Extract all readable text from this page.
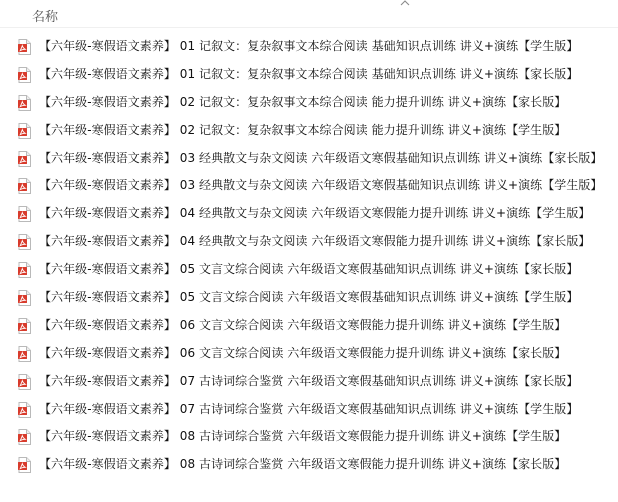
名称
【六年级-寒假语文素养】 01 记叙文：复杂叙事文本综合阅读 基础知识点训练 讲义+演练【学生版】
【六年级-寒假语文素养】 01 记叙文：复杂叙事文本综合阅读 基础知识点训练 讲义+演练【家长版】
【六年级-寒假语文素养】 02 记叙文：复杂叙事文本综合阅读 能力提升训练 讲义+演练【家长版】
【六年级-寒假语文素养】 02 记叙文：复杂叙事文本综合阅读 能力提升训练 讲义+演练【学生版】
【六年级-寒假语文素养】 03 经典散文与杂文阅读 六年级语文寒假基础知识点训练 讲义+演练【家长版】
【六年级-寒假语文素养】 03 经典散文与杂文阅读 六年级语文寒假基础知识点训练 讲义+演练【学生版】
【六年级-寒假语文素养】 04 经典散文与杂文阅读 六年级语文寒假能力提升训练 讲义+演练【学生版】
【六年级-寒假语文素养】 04 经典散文与杂文阅读 六年级语文寒假能力提升训练 讲义+演练【家长版】
【六年级-寒假语文素养】 05 文言文综合阅读 六年级语文寒假基础知识点训练 讲义+演练【家长版】
【六年级-寒假语文素养】 05 文言文综合阅读 六年级语文寒假基础知识点训练 讲义+演练【学生版】
【六年级-寒假语文素养】 06 文言文综合阅读 六年级语文寒假能力提升训练 讲义+演练【学生版】
【六年级-寒假语文素养】 06 文言文综合阅读 六年级语文寒假能力提升训练 讲义+演练【家长版】
【六年级-寒假语文素养】 07 古诗词综合鉴赏 六年级语文寒假基础知识点训练 讲义+演练【家长版】
【六年级-寒假语文素养】 07 古诗词综合鉴赏 六年级语文寒假基础知识点训练 讲义+演练【学生版】
【六年级-寒假语文素养】 08 古诗词综合鉴赏 六年级语文寒假能力提升训练 讲义+演练【学生版】
【六年级-寒假语文素养】 08 古诗词综合鉴赏 六年级语文寒假能力提升训练 讲义+演练【家长版】
